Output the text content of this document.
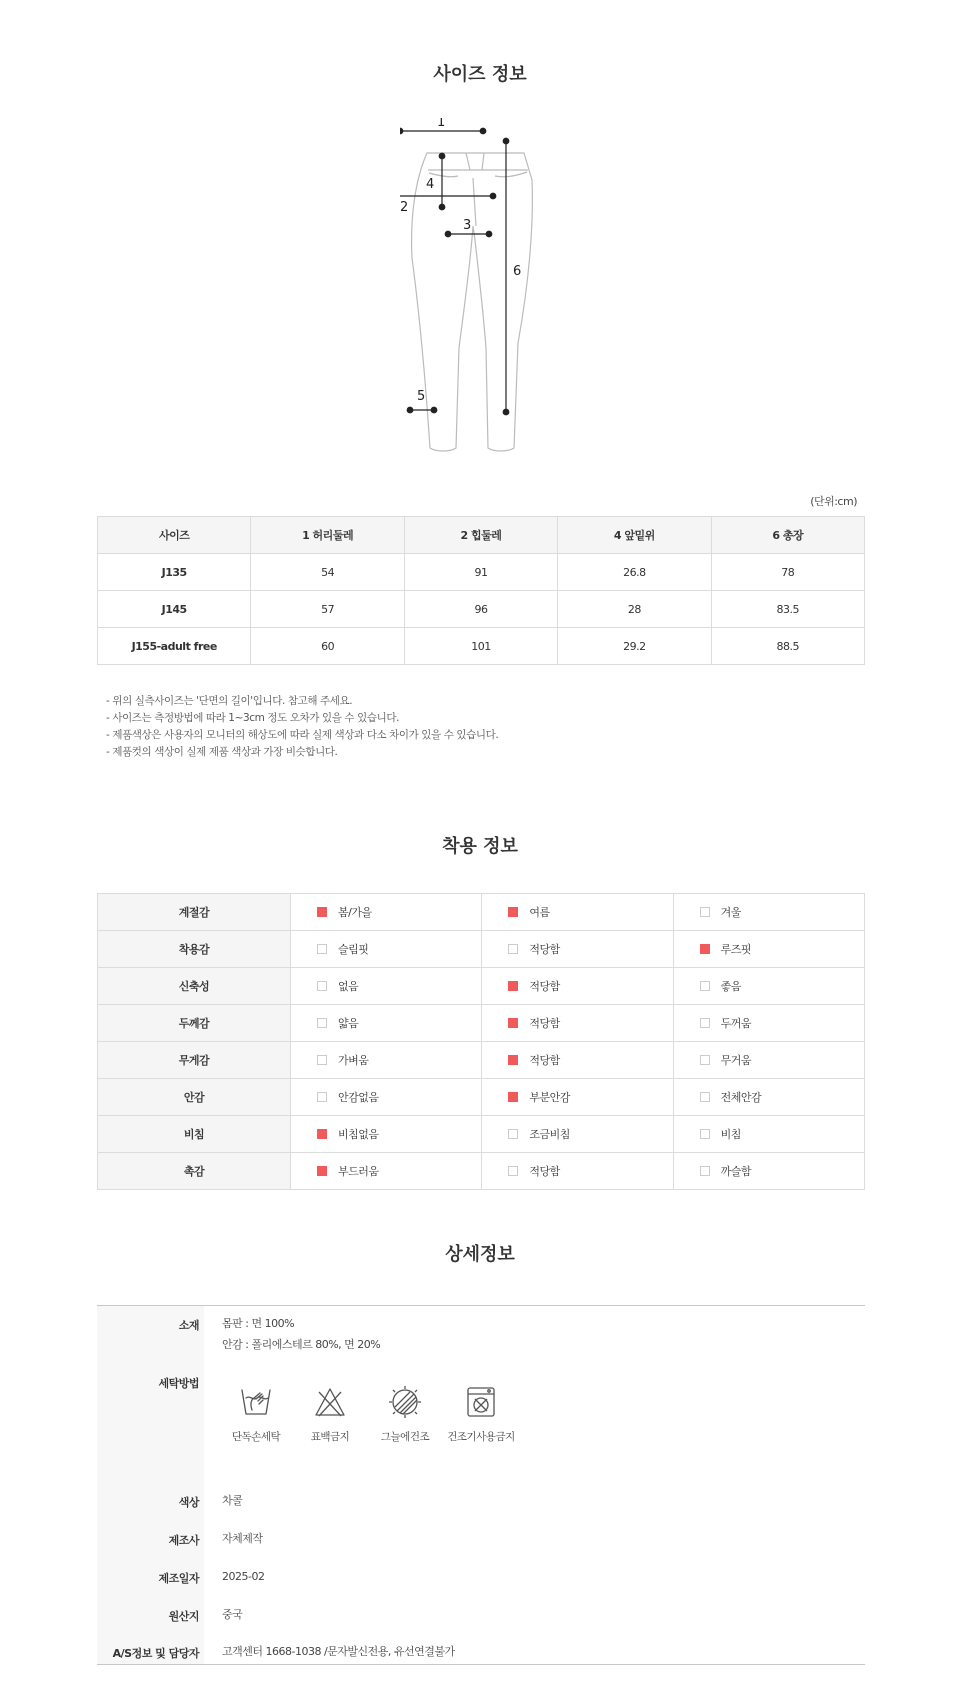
사이즈 정보
1
2
3
4
5
6
(단위:cm)
사이즈	1 허리둘레	2 힙둘레	4 앞밑위	6 총장
J135	54	91	26.8	78
J145	57	96	28	83.5
J155-adult free	60	101	29.2	88.5
- 위의 실측사이즈는 '단면의 길이'입니다. 참고해 주세요.
- 사이즈는 측정방법에 따라 1~3cm 정도 오차가 있을 수 있습니다.
- 제품색상은 사용자의 모니터의 해상도에 따라 실제 색상과 다소 차이가 있을 수 있습니다.
- 제품컷의 색상이 실제 제품 색상과 가장 비슷합니다.
착용 정보
계절감	봄/가을	여름	겨울
착용감	슬림핏	적당함	루즈핏
신축성	없음	적당함	좋음
두께감	얇음	적당함	두꺼움
무게감	가벼움	적당함	무거움
안감	안감없음	부분안감	전체안감
비침	비침없음	조금비침	비침
촉감	부드러움	적당함	까슬함
상세정보
소재 몸판 : 면 100%
안감 : 폴리에스테르 80%, 면 20%
세탁방법
단독손세탁	표백금지	그늘에건조	건조기사용금지
색상 차콜
제조사 자체제작
제조일자 2025-02
원산지 중국
A/S정보 및 담당자 고객센터 1668-1038 /문자발신전용, 유선연결불가
